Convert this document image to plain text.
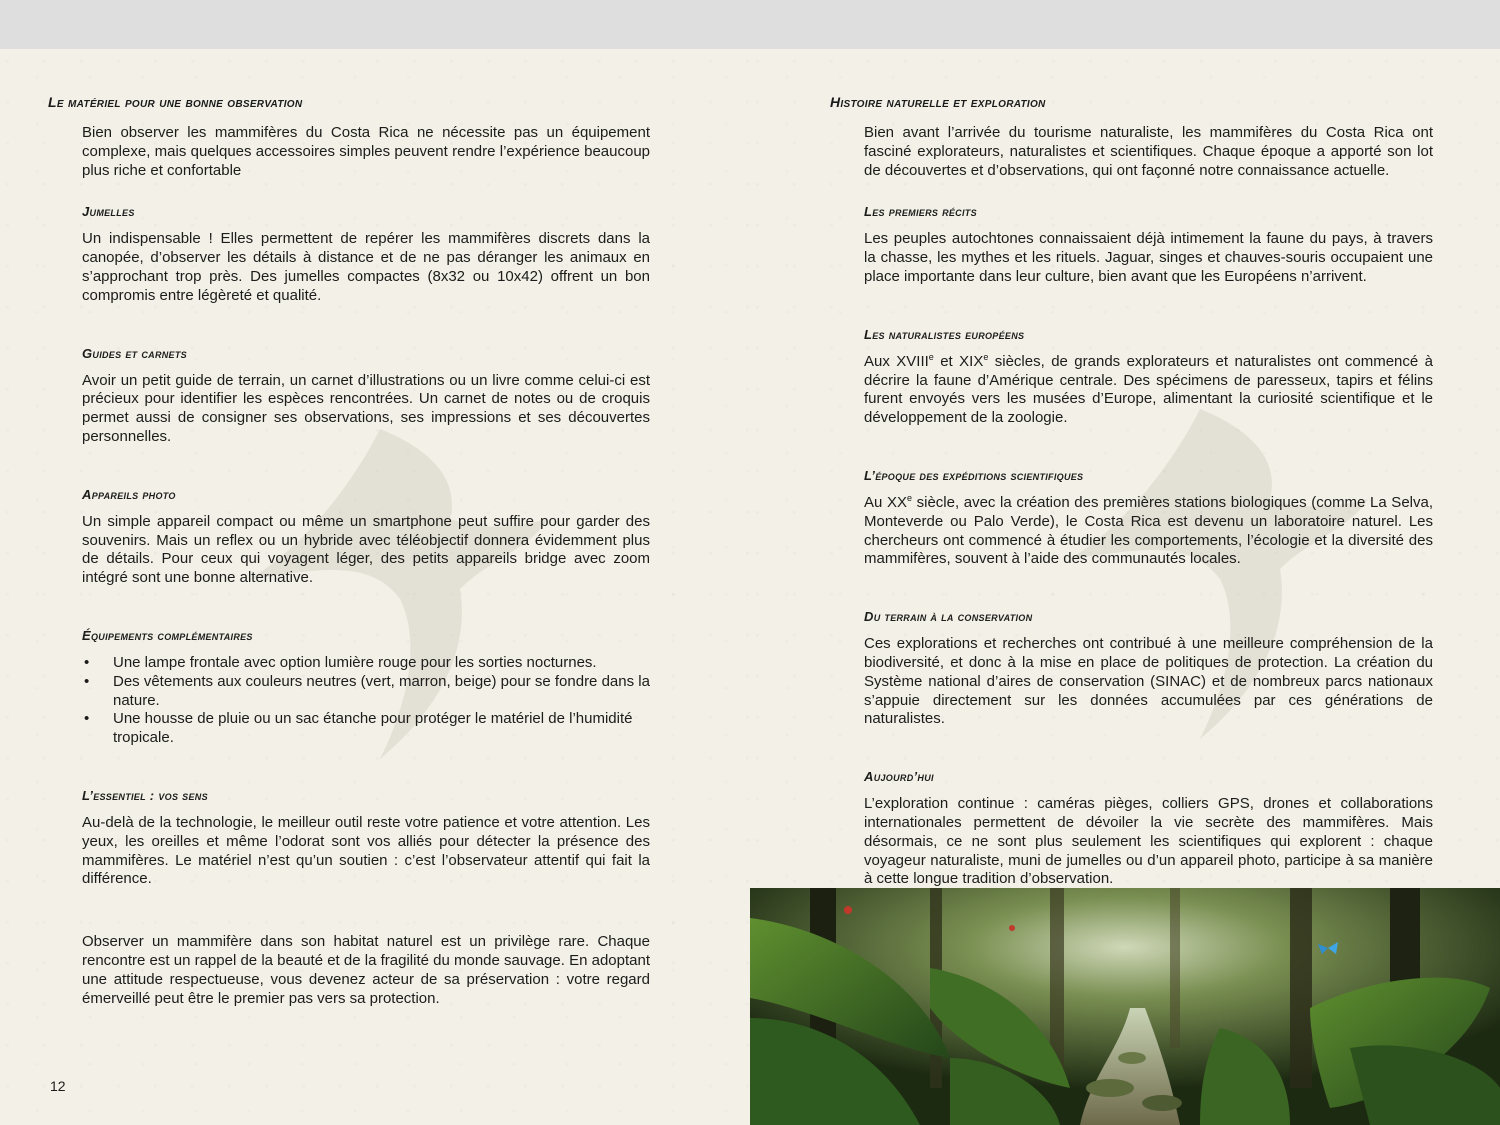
Le matériel pour une bonne observation

Bien observer les mammifères du Costa Rica ne nécessite pas un équipement complexe, mais quelques accessoires simples peuvent rendre l’expérience beaucoup plus riche et confortable

Jumelles

Un indispensable ! Elles permettent de repérer les mammifères discrets dans la canopée, d’observer les détails à distance et de ne pas déranger les animaux en s’approchant trop près. Des jumelles compactes (8x32 ou 10x42) offrent un bon compromis entre légèreté et qualité.

Guides et carnets

Avoir un petit guide de terrain, un carnet d’illustrations ou un livre comme celui-ci est précieux pour identifier les espèces rencontrées. Un carnet de notes ou de croquis permet aussi de consigner ses observations, ses impressions et ses découvertes personnelles.

Appareils photo

Un simple appareil compact ou même un smartphone peut suffire pour garder des souvenirs. Mais un reflex ou un hybride avec téléobjectif donnera évidemment plus de détails. Pour ceux qui voyagent léger, des petits appareils bridge avec zoom intégré sont une bonne alternative.

Équipements complémentaires
• Une lampe frontale avec option lumière rouge pour les sorties nocturnes.
• Des vêtements aux couleurs neutres (vert, marron, beige) pour se fondre dans la nature.
• Une housse de pluie ou un sac étanche pour protéger le matériel de l’humidité tropicale.
L’essentiel : vos sens

Au-delà de la technologie, le meilleur outil reste votre patience et votre attention. Les yeux, les oreilles et même l’odorat sont vos alliés pour détecter la présence des mammifères. Le matériel n’est qu’un soutien : c’est l’observateur attentif qui fait la différence.

Observer un mammifère dans son habitat naturel est un privilège rare. Chaque rencontre est un rappel de la beauté et de la fragilité du monde sauvage. En adoptant une attitude respectueuse, vous devenez acteur de sa préservation : votre regard émerveillé peut être le premier pas vers sa protection.

12
Histoire naturelle et exploration

Bien avant l’arrivée du tourisme naturaliste, les mammifères du Costa Rica ont fasciné explorateurs, naturalistes et scientifiques. Chaque époque a apporté son lot de découvertes et d’observations, qui ont façonné notre connaissance actuelle.

Les premiers récits

Les peuples autochtones connaissaient déjà intimement la faune du pays, à travers la chasse, les mythes et les rituels. Jaguar, singes et chauves-souris occupaient une place importante dans leur culture, bien avant que les Européens n’arrivent.

Les naturalistes européens

Aux XVIIIe et XIXe siècles, de grands explorateurs et naturalistes ont commencé à décrire la faune d’Amérique centrale. Des spécimens de paresseux, tapirs et félins furent envoyés vers les musées d’Europe, alimentant la curiosité scientifique et le développement de la zoologie.

L’époque des expéditions scientifiques

Au XXe siècle, avec la création des premières stations biologiques (comme La Selva, Monteverde ou Palo Verde), le Costa Rica est devenu un laboratoire naturel. Les chercheurs ont commencé à étudier les comportements, l’écologie et la diversité des mammifères, souvent à l’aide des communautés locales.

Du terrain à la conservation

Ces explorations et recherches ont contribué à une meilleure compréhension de la biodiversité, et donc à la mise en place de politiques de protection. La création du Système national d’aires de conservation (SINAC) et de nombreux parcs nationaux s’appuie directement sur les données accumulées par ces générations de naturalistes.

Aujourd’hui

L’exploration continue : caméras pièges, colliers GPS, drones et collaborations internationales permettent de dévoiler la vie secrète des mammifères. Mais désormais, ce ne sont plus seulement les scientifiques qui explorent : chaque voyageur naturaliste, muni de jumelles ou d’un appareil photo, participe à sa manière à cette longue tradition d’observation.
